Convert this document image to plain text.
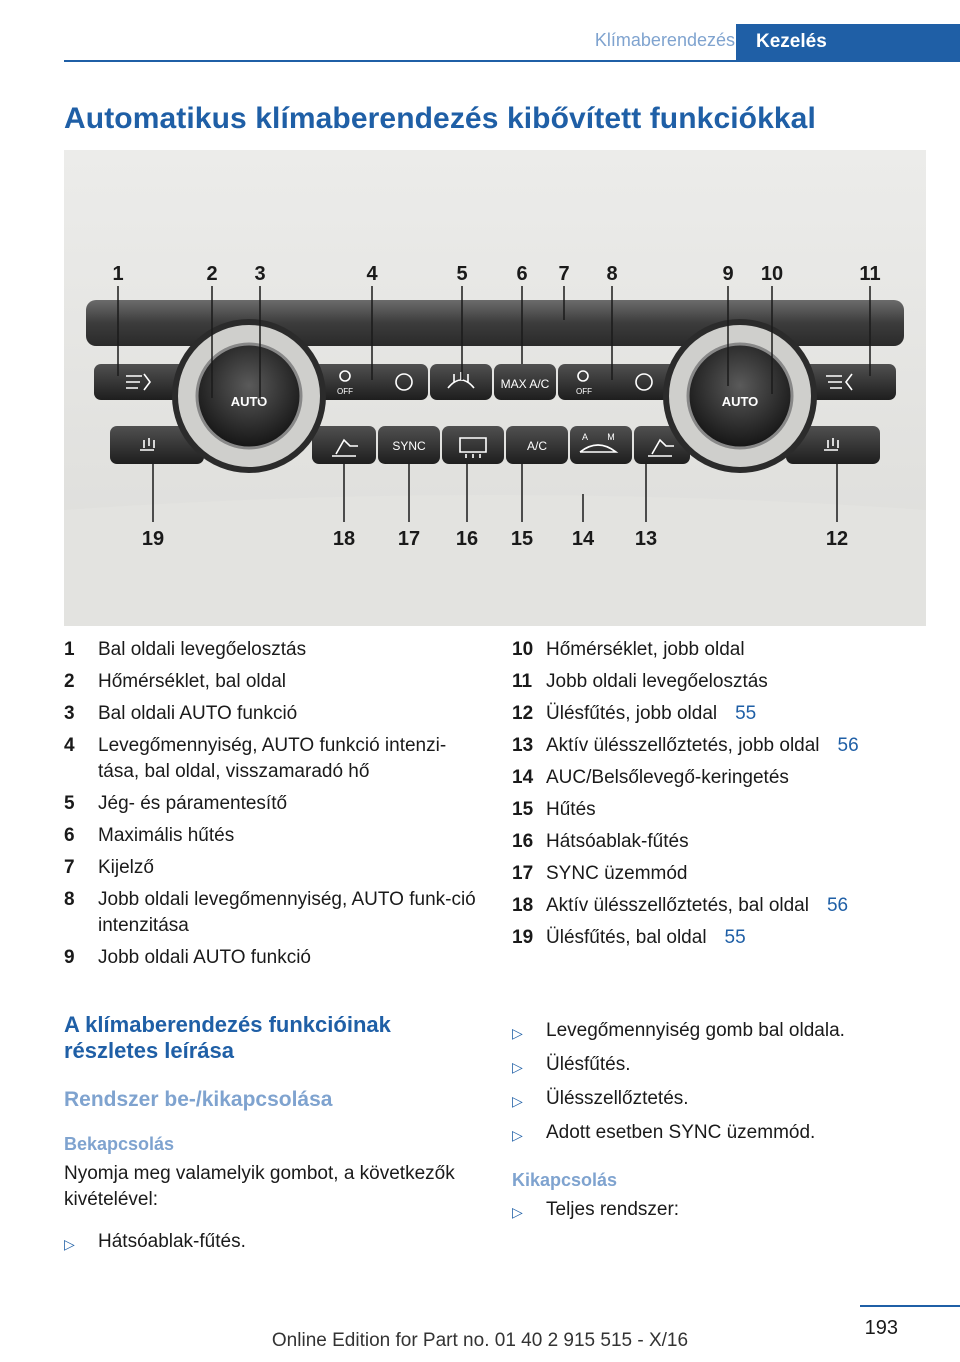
Klímaberendezés	Kezelés
Automatikus klímaberendezés kibővített funkciókkal
AUTO	AUTO
OFF	OFF
MAX A/C
SYNC	A/C
A M
1	2 3	4	5 6 7 8	9 10	11
19	18 17 16 15 14 13	12
1	Bal oldali levegőelosztás
2	Hőmérséklet, bal oldal
3	Bal oldali AUTO funkció
4	Levegőmennyiség, AUTO funkció intenzi-tása, bal oldal, visszamaradó hő
5	Jég- és páramentesítő
6	Maximális hűtés
7	Kijelző
8	Jobb oldali levegőmennyiség, AUTO funk-ció intenzitása
9	Jobb oldali AUTO funkció
10 Hőmérséklet, jobb oldal
11 Jobb oldali levegőelosztás
12 Ülésfűtés, jobb oldal 55
13 Aktív ülésszellőztetés, jobb oldal 56
14 AUC/Belsőlevegő-keringetés
15 Hűtés
16 Hátsóablak-fűtés
17 SYNC üzemmód
18 Aktív ülésszellőztetés, bal oldal 56
19 Ülésfűtés, bal oldal 55
A klímaberendezés funkcióinak részletes leírása
Rendszer be-/kikapcsolása
Bekapcsolás

Nyomja meg valamelyik gombot, a következők kivételével:

▷	Hátsóablak-fűtés.
▷	Levegőmennyiség gomb bal oldala.
▷	Ülésfűtés.
▷	Ülésszellőztetés.
▷	Adott esetben SYNC üzemmód.
Kikapcsolás
▷	Teljes rendszer:
193
Online Edition for Part no. 01 40 2 915 515 - X/16
